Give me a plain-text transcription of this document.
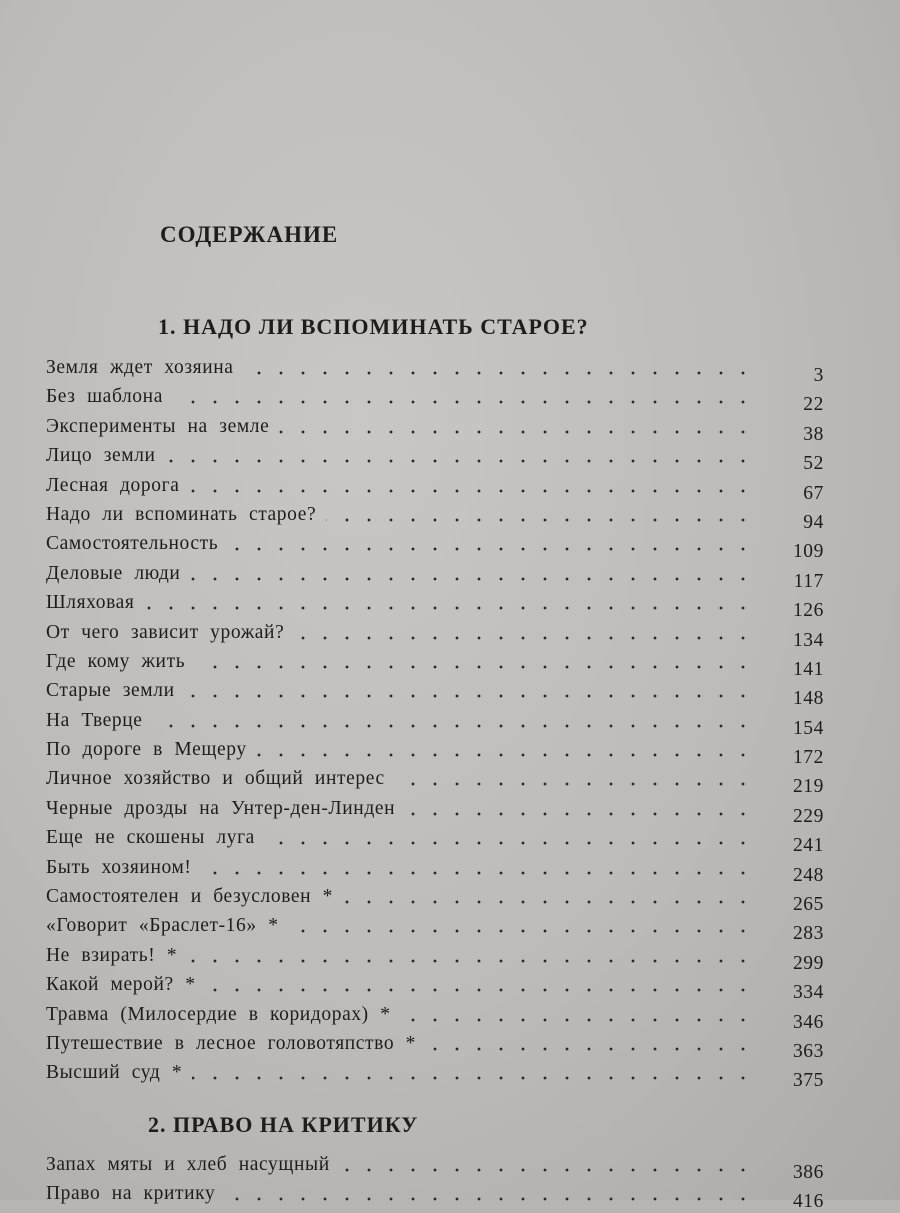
СОДЕРЖАНИЕ
1. НАДО ЛИ ВСПОМИНАТЬ СТАРОЕ?
Земля ждет хозяина	3
Без шаблона	22
Эксперименты на земле	38
Лицо земли	52
Лесная дорога	67
Надо ли вспоминать старое?	94
Самостоятельность	109
Деловые люди	117
Шляховая	126
От чего зависит урожай?	134
Где кому жить	141
Старые земли	148
На Тверце	154
По дороге в Мещеру	172
Личное хозяйство и общий интерес	219
Черные дрозды на Унтер-ден-Линден	229
Еще не скошены луга	241
Быть хозяином!	248
Самостоятелен и безусловен *	265
«Говорит «Браслет-16» *	283
Не взирать! *	299
Какой мерой? *	334
Травма (Милосердие в коридорах) *	346
Путешествие в лесное головотяпство *	363
Высший суд *	375
2. ПРАВО НА КРИТИКУ
Запах мяты и хлеб насущный	386
Право на критику	416
